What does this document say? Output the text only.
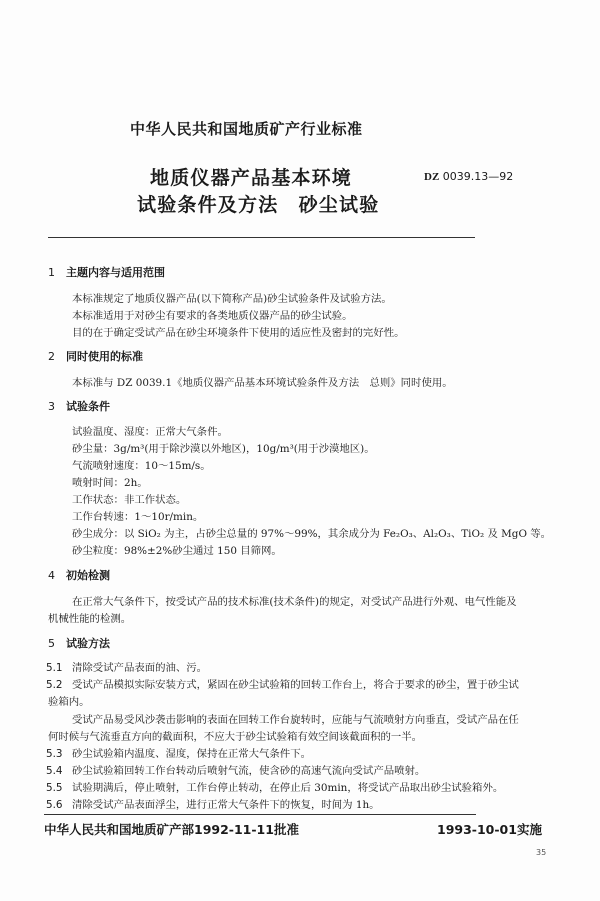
中华人民共和国地质矿产行业标准
地质仪器产品基本环境
试验条件及方法　砂尘试验
DZ 0039.13—92
1 主题内容与适用范围
本标准规定了地质仪器产品(以下简称产品)砂尘试验条件及试验方法。
本标准适用于对砂尘有要求的各类地质仪器产品的砂尘试验。
目的在于确定受试产品在砂尘环境条件下使用的适应性及密封的完好性。
2 同时使用的标准
本标准与 DZ 0039.1《地质仪器产品基本环境试验条件及方法　总则》同时使用。
3 试验条件
试验温度、湿度：正常大气条件。
砂尘量：3g/m³(用于除沙漠以外地区)，10g/m³(用于沙漠地区)。
气流喷射速度：10～15m/s。
喷射时间：2h。
工作状态：非工作状态。
工作台转速：1～10r/min。
砂尘成分：以 SiO₂ 为主，占砂尘总量的 97%～99%，其余成分为 Fe₂O₃、Al₂O₃、TiO₂ 及 MgO 等。
砂尘粒度：98%±2%砂尘通过 150 目筛网。
4 初始检测
在正常大气条件下，按受试产品的技术标准(技术条件)的规定，对受试产品进行外观、电气性能及
机械性能的检测。
5 试验方法
5.1 清除受试产品表面的油、污。
5.2 受试产品模拟实际安装方式，紧固在砂尘试验箱的回转工作台上，将合于要求的砂尘，置于砂尘试
验箱内。
受试产品易受风沙袭击影响的表面在回转工作台旋转时，应能与气流喷射方向垂直，受试产品在任
何时候与气流垂直方向的截面积，不应大于砂尘试验箱有效空间该截面积的一半。
5.3 砂尘试验箱内温度、湿度，保持在正常大气条件下。
5.4 砂尘试验箱回转工作台转动后喷射气流，使含砂的高速气流向受试产品喷射。
5.5 试验期满后，停止喷射，工作台停止转动，在停止后 30min，将受试产品取出砂尘试验箱外。
5.6 清除受试产品表面浮尘，进行正常大气条件下的恢复，时间为 1h。
中华人民共和国地质矿产部1992-11-11批准	1993-10-01实施
35
